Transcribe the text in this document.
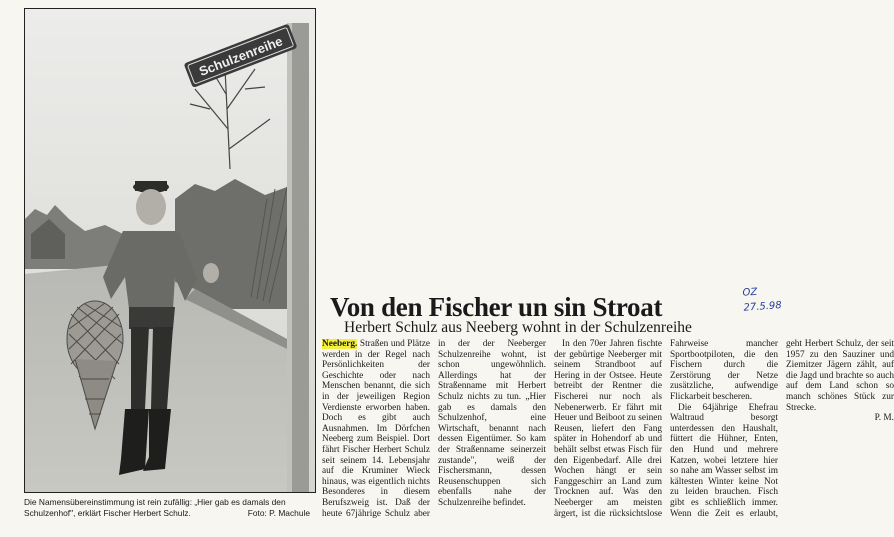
Schulzenreihe
Die Namensübereinstimmung ist rein zufällig: „Hier gab es damals den Schulzenhof", erklärt Fischer Herbert Schulz.	Foto: P. Machule
OZ
27.5.98
Von den Fischer un sin Stroat
Herbert Schulz aus Neeberg wohnt in der Schulzenreihe

Neeberg. Straßen und Plätze werden in der Regel nach Persönlichkeiten der Geschichte oder nach Menschen benannt, die sich in der jeweiligen Region Verdienste erworben haben. Doch es gibt auch Ausnahmen. Im Dörfchen Neeberg zum Beispiel. Dort fährt Fischer Herbert Schulz seit seinem 14. Lebensjahr auf die Kruminer Wieck hinaus, was eigentlich nichts Besonderes in diesem Berufszweig ist. Daß der heute 67jährige Schulz aber in der der Neeberger Schulzenreihe wohnt, ist schon ungewöhnlich. Allerdings hat der Straßenname mit Herbert Schulz nichts zu tun. „Hier gab es damals den Schulzenhof, eine Wirtschaft, benannt nach dessen Eigentümer. So kam der Straßenname seinerzeit zustande", weiß der Fischersmann, dessen Reusenschuppen sich ebenfalls nahe der Schulzenreihe befindet.

In den 70er Jahren fischte der gebürtige Neeberger mit seinem Strandboot auf Hering in der Ostsee. Heute betreibt der Rentner die Fischerei nur noch als Nebenerwerb. Er fährt mit Heuer und Beiboot zu seinen Reusen, liefert den Fang später in Hohendorf ab und behält selbst etwas Fisch für den Eigenbedarf. Alle drei Wochen hängt er sein Fanggeschirr an Land zum Trocknen auf. Was den Neeberger am meisten ärgert, ist die rücksichtslose Fahrweise mancher Sportbootpiloten, die den Fischern durch die Zerstörung der Netze zusätzliche, aufwendige Flickarbeit bescheren.

Die 64jährige Ehefrau Waltraud besorgt unterdessen den Haushalt, füttert die Hühner, Enten, den Hund und mehrere Katzen, wobei letztere hier so nahe am Wasser selbst im kältesten Winter keine Not zu leiden brauchen. Fisch gibt es schließlich immer. Wenn die Zeit es erlaubt, geht Herbert Schulz, der seit 1957 zu den Sauziner und Ziemitzer Jägern zählt, auf die Jagd und brachte so auch auf dem Land schon so manch schönes Stück zur Strecke.

P. M.
